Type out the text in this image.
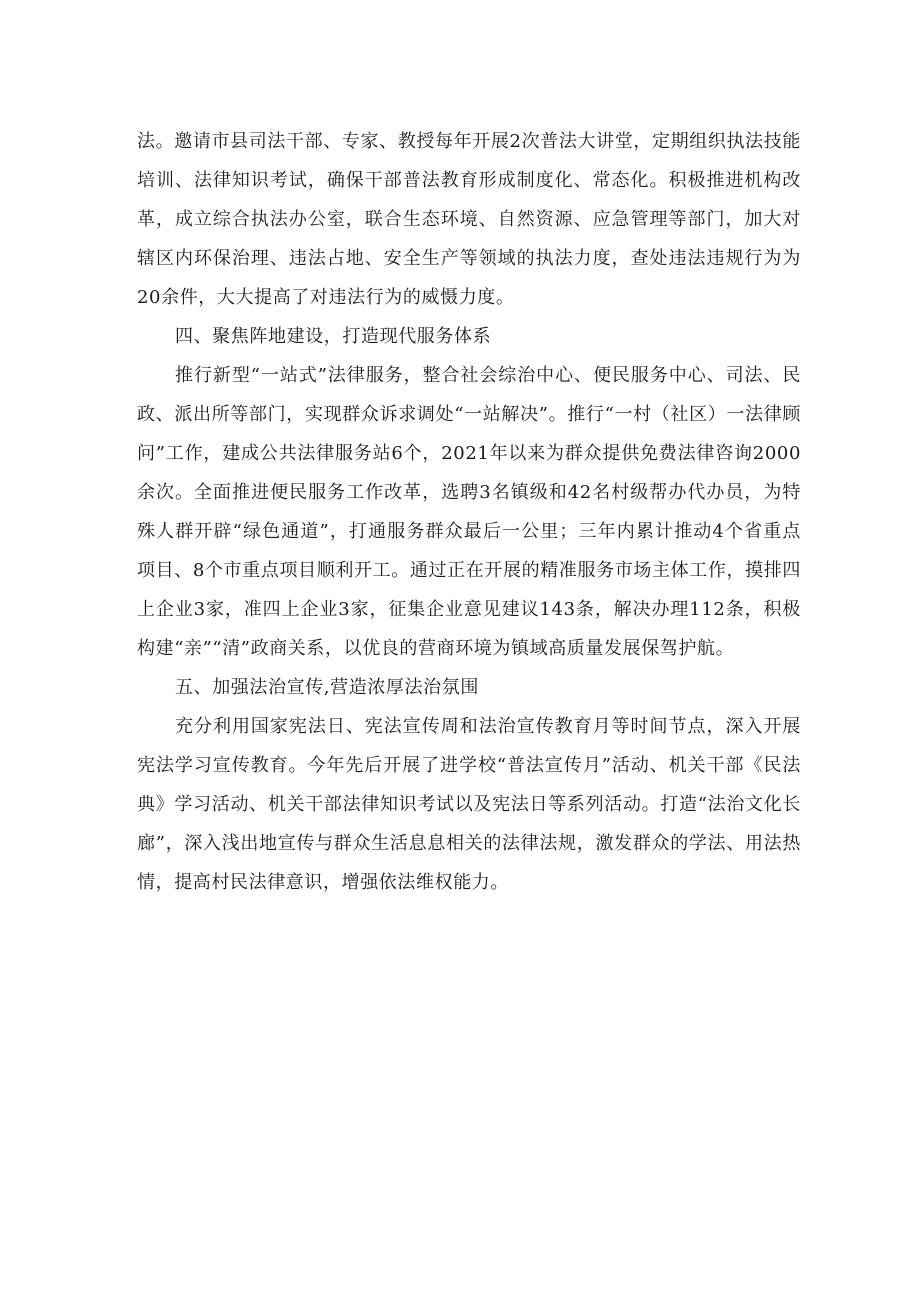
法。邀请市县司法干部、专家、教授每年开展2次普法大讲堂，定期组织执法技能培训、法律知识考试，确保干部普法教育形成制度化、常态化。积极推进机构改革，成立综合执法办公室，联合生态环境、自然资源、应急管理等部门，加大对辖区内环保治理、违法占地、安全生产等领域的执法力度，查处违法违规行为为20余件，大大提高了对违法行为的威慑力度。

四、聚焦阵地建设，打造现代服务体系

推行新型“一站式”法律服务，整合社会综治中心、便民服务中心、司法、民政、派出所等部门，实现群众诉求调处“一站解决”。推行“一村（社区）一法律顾问”工作，建成公共法律服务站6个，2021年以来为群众提供免费法律咨询2000余次。全面推进便民服务工作改革，选聘3名镇级和42名村级帮办代办员，为特殊人群开辟“绿色通道”，打通服务群众最后一公里；三年内累计推动4个省重点项目、8个市重点项目顺利开工。通过正在开展的精准服务市场主体工作，摸排四上企业3家，准四上企业3家，征集企业意见建议143条，解决办理112条，积极构建“亲”“清”政商关系，以优良的营商环境为镇域高质量发展保驾护航。

五、加强法治宣传,营造浓厚法治氛围

充分利用国家宪法日、宪法宣传周和法治宣传教育月等时间节点，深入开展宪法学习宣传教育。今年先后开展了进学校“普法宣传月”活动、机关干部《民法典》学习活动、机关干部法律知识考试以及宪法日等系列活动。打造“法治文化长廊”，深入浅出地宣传与群众生活息息相关的法律法规，激发群众的学法、用法热情，提高村民法律意识，增强依法维权能力。
